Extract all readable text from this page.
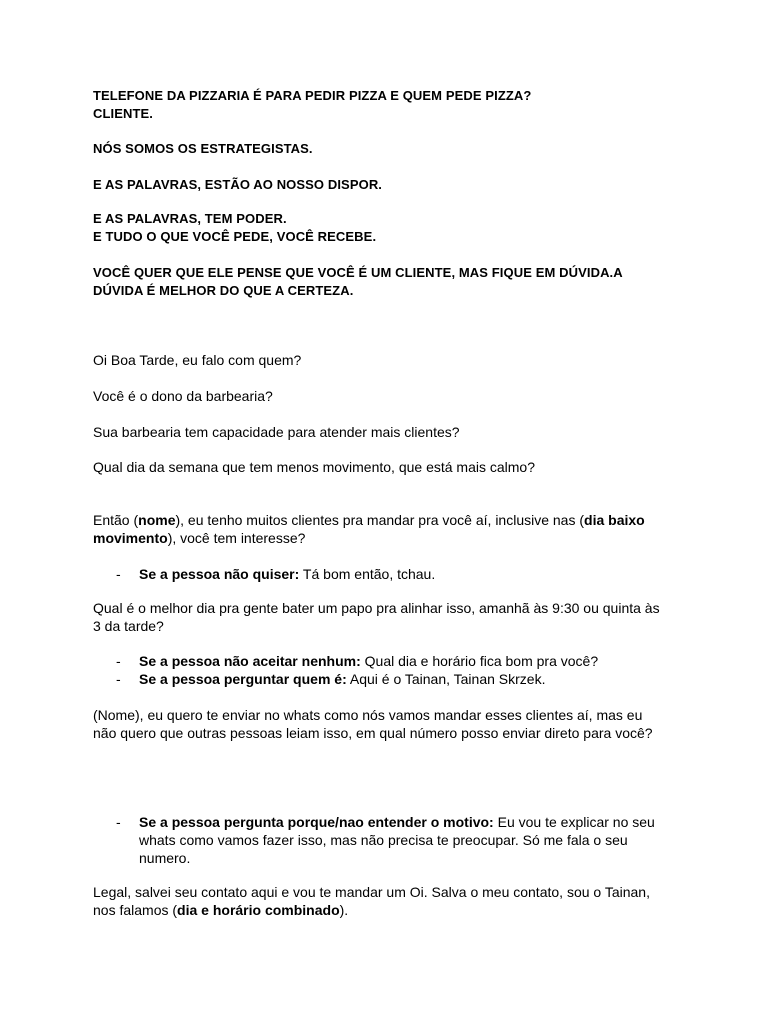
TELEFONE DA PIZZARIA É PARA PEDIR PIZZA E QUEM PEDE PIZZA?
CLIENTE.
NÓS SOMOS OS ESTRATEGISTAS.
E AS PALAVRAS, ESTÃO AO NOSSO DISPOR.
E AS PALAVRAS, TEM PODER.
E TUDO O QUE VOCÊ PEDE, VOCÊ RECEBE.
VOCÊ QUER QUE ELE PENSE QUE VOCÊ É UM CLIENTE, MAS FIQUE EM DÚVIDA.A
DÚVIDA É MELHOR DO QUE A CERTEZA.
Oi Boa Tarde, eu falo com quem?
Você é o dono da barbearia?
Sua barbearia tem capacidade para atender mais clientes?
Qual dia da semana que tem menos movimento, que está mais calmo?
Então (nome), eu tenho muitos clientes pra mandar pra você aí, inclusive nas (dia baixo
movimento), você tem interesse?
-	Se a pessoa não quiser: Tá bom então, tchau.
Qual é o melhor dia pra gente bater um papo pra alinhar isso, amanhã às 9:30 ou quinta às
3 da tarde?
-	Se a pessoa não aceitar nenhum: Qual dia e horário fica bom pra você?
-	Se a pessoa perguntar quem é: Aqui é o Tainan, Tainan Skrzek.
(Nome), eu quero te enviar no whats como nós vamos mandar esses clientes aí, mas eu
não quero que outras pessoas leiam isso, em qual número posso enviar direto para você?
-	Se a pessoa pergunta porque/nao entender o motivo: Eu vou te explicar no seu
whats como vamos fazer isso, mas não precisa te preocupar. Só me fala o seu
numero.
Legal, salvei seu contato aqui e vou te mandar um Oi. Salva o meu contato, sou o Tainan,
nos falamos (dia e horário combinado).
